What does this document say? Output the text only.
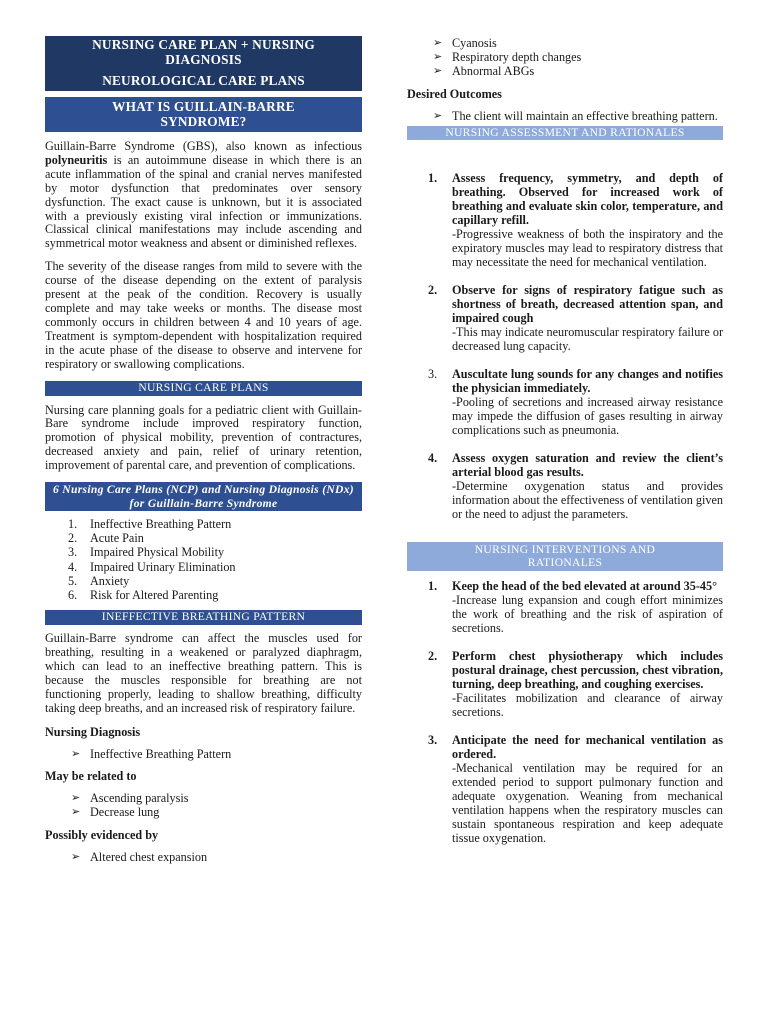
NURSING CARE PLAN + NURSING
DIAGNOSIS
NEUROLOGICAL CARE PLANS
WHAT IS GUILLAIN-BARRE SYNDROME?

Guillain-Barre Syndrome (GBS), also known as infectious polyneuritis is an autoimmune disease in which there is an acute inflammation of the spinal and cranial nerves manifested by motor dysfunction that predominates over sensory dysfunction. The exact cause is unknown, but it is associated with a previously existing viral infection or immunizations. Classical clinical manifestations may include ascending and symmetrical motor weakness and absent or diminished reflexes.

The severity of the disease ranges from mild to severe with the course of the disease depending on the extent of paralysis present at the peak of the condition. Recovery is usually complete and may take weeks or months. The disease most commonly occurs in children between 4 and 10 years of age. Treatment is symptom-dependent with hospitalization required in the acute phase of the disease to observe and intervene for respiratory or swallowing complications.

NURSING CARE PLANS

Nursing care planning goals for a pediatric client with Guillain-Bare syndrome include improved respiratory function, promotion of physical mobility, prevention of contractures, decreased anxiety and pain, relief of urinary retention, improvement of parental care, and prevention of complications.

6 Nursing Care Plans (NCP) and Nursing Diagnosis (NDx) for Guillain-Barre Syndrome
1. Ineffective Breathing Pattern
2. Acute Pain
3. Impaired Physical Mobility
4. Impaired Urinary Elimination
5. Anxiety
6. Risk for Altered Parenting
INEFFECTIVE BREATHING PATTERN

Guillain-Barre syndrome can affect the muscles used for breathing, resulting in a weakened or paralyzed diaphragm, which can lead to an ineffective breathing pattern. This is because the muscles responsible for breathing are not functioning properly, leading to shallow breathing, difficulty taking deep breaths, and an increased risk of respiratory failure.

Nursing Diagnosis
➢ Ineffective Breathing Pattern
May be related to
➢ Ascending paralysis
➢ Decrease lung
Possibly evidenced by
➢ Altered chest expansion
➢ Cyanosis
➢ Respiratory depth changes
➢ Abnormal ABGs
Desired Outcomes
➢ The client will maintain an effective breathing pattern.
NURSING ASSESSMENT AND RATIONALES
1. Assess frequency, symmetry, and depth of breathing. Observed for increased work of breathing and evaluate skin color, temperature, and capillary refill.
-Progressive weakness of both the inspiratory and the expiratory muscles may lead to respiratory distress that may necessitate the need for mechanical ventilation.
2. Observe for signs of respiratory fatigue such as shortness of breath, decreased attention span, and impaired cough
-This may indicate neuromuscular respiratory failure or decreased lung capacity.
3. Auscultate lung sounds for any changes and notifies the physician immediately.
-Pooling of secretions and increased airway resistance may impede the diffusion of gases resulting in airway complications such as pneumonia.
4. Assess oxygen saturation and review the client’s arterial blood gas results.
-Determine oxygenation status and provides information about the effectiveness of ventilation given or the need to adjust the parameters.
NURSING INTERVENTIONS AND RATIONALES
1. Keep the head of the bed elevated at around 35-45°
-Increase lung expansion and cough effort minimizes the work of breathing and the risk of aspiration of secretions.
2. Perform chest physiotherapy which includes postural drainage, chest percussion, chest vibration, turning, deep breathing, and coughing exercises.
-Facilitates mobilization and clearance of airway secretions.
3. Anticipate the need for mechanical ventilation as ordered.
-Mechanical ventilation may be required for an extended period to support pulmonary function and adequate oxygenation. Weaning from mechanical ventilation happens when the respiratory muscles can sustain spontaneous respiration and keep adequate tissue oxygenation.
